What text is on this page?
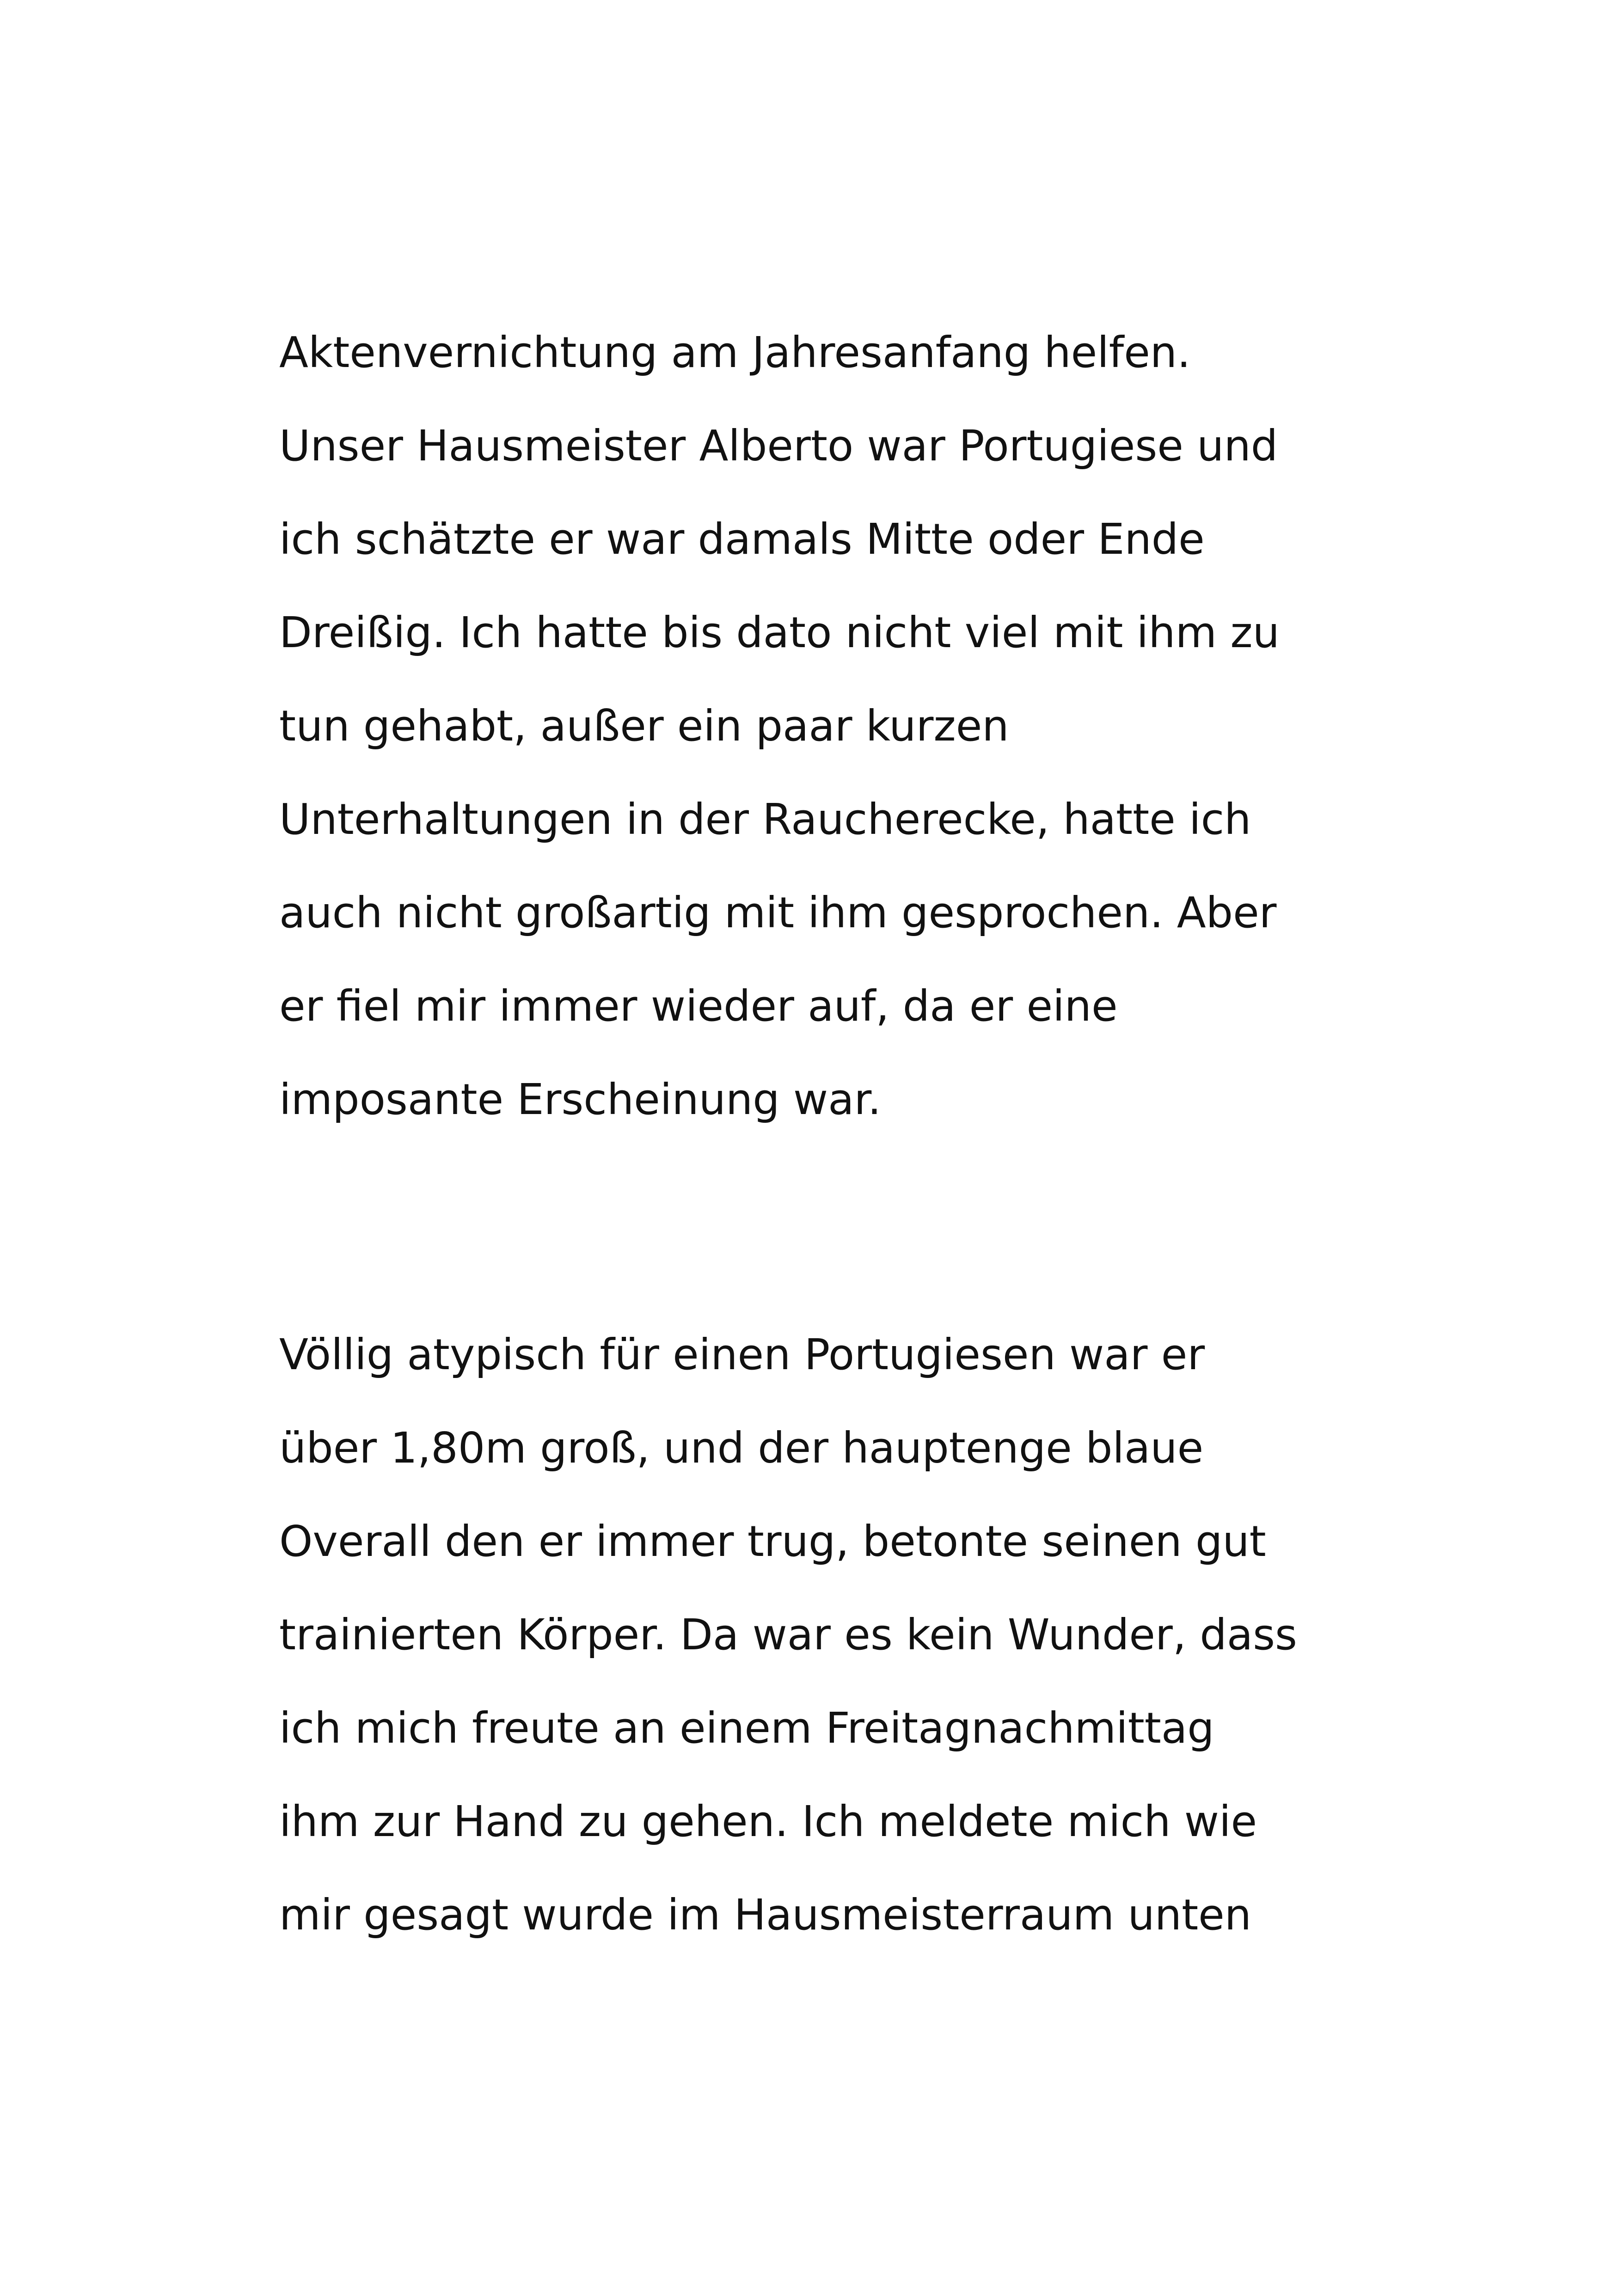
Aktenvernichtung am Jahresanfang helfen.
Unser Hausmeister Alberto war Portugiese und
ich schätzte er war damals Mitte oder Ende
Dreißig. Ich hatte bis dato nicht viel mit ihm zu
tun gehabt, außer ein paar kurzen
Unterhaltungen in der Raucherecke, hatte ich
auch nicht großartig mit ihm gesprochen. Aber
er fiel mir immer wieder auf, da er eine
imposante Erscheinung war.

Völlig atypisch für einen Portugiesen war er
über 1,80m groß, und der hauptenge blaue
Overall den er immer trug, betonte seinen gut
trainierten Körper. Da war es kein Wunder, dass
ich mich freute an einem Freitagnachmittag
ihm zur Hand zu gehen. Ich meldete mich wie
mir gesagt wurde im Hausmeisterraum unten
